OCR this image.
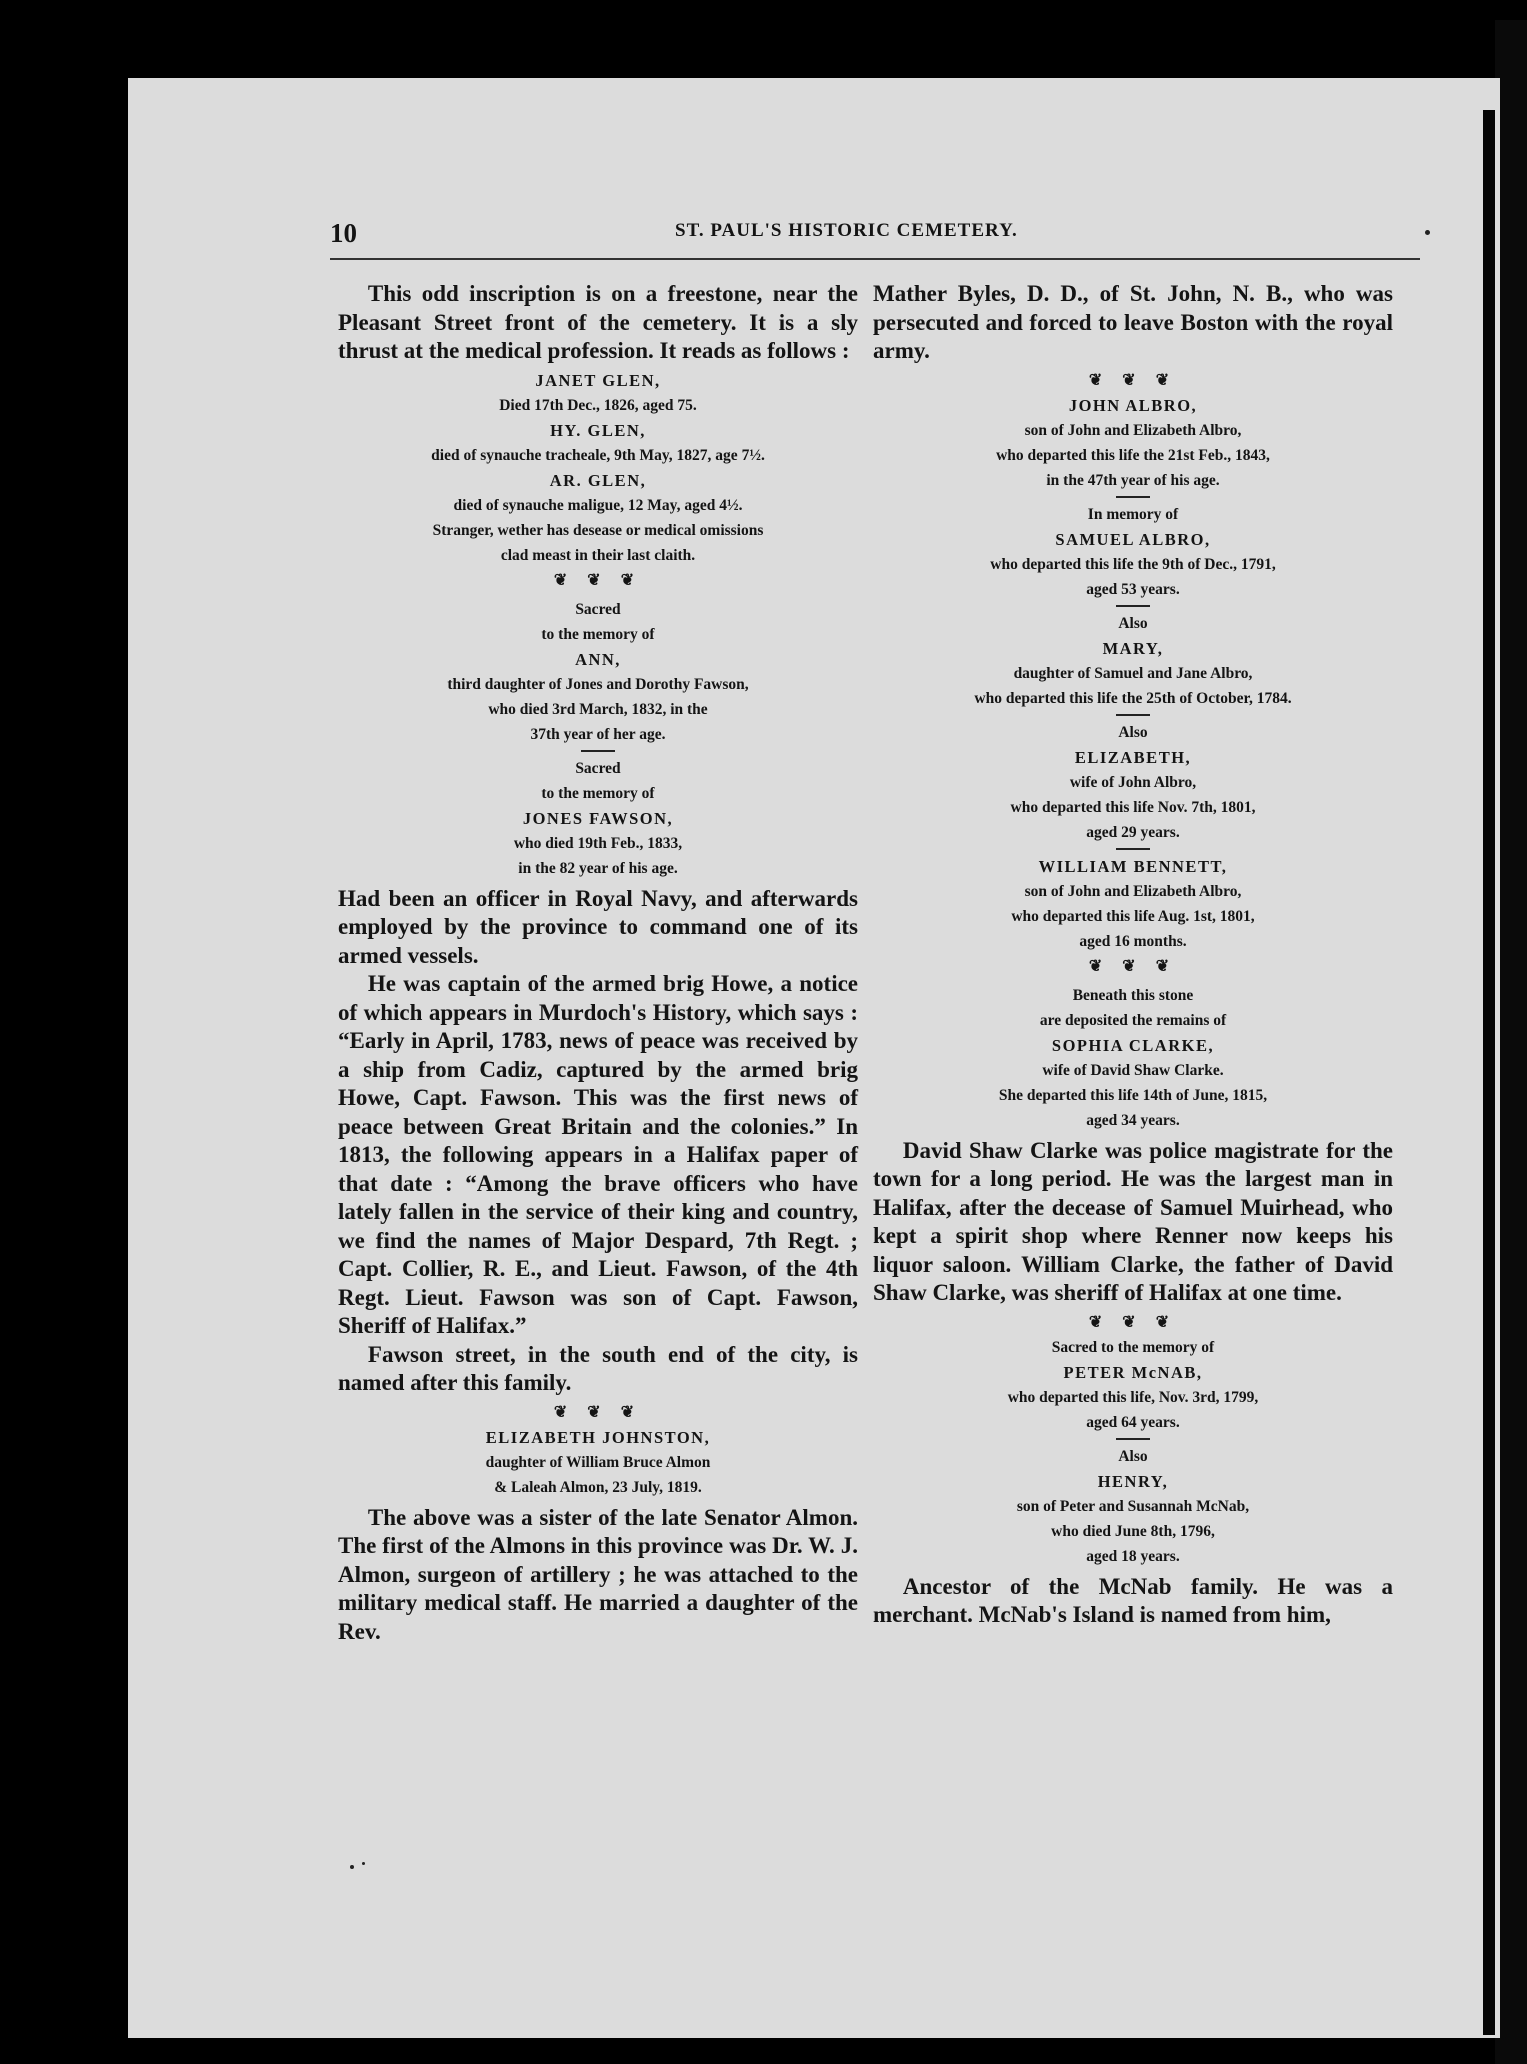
10	ST. PAUL'S HISTORIC CEMETERY.

This odd inscription is on a freestone, near the Pleasant Street front of the cemetery. It is a sly thrust at the medical profession. It reads as follows :

JANET GLEN,
Died 17th Dec., 1826, aged 75.
HY. GLEN,
died of synauche tracheale, 9th May, 1827, age 7½.
AR. GLEN,
died of synauche maligue, 12 May, aged 4½.
Stranger, wether has desease or medical omissions
clad meast in their last claith.
❦ ❦ ❦
Sacred
to the memory of
ANN,
third daughter of Jones and Dorothy Fawson,
who died 3rd March, 1832, in the
37th year of her age.
Sacred
to the memory of
JONES FAWSON,
who died 19th Feb., 1833,
in the 82 year of his age.

Had been an officer in Royal Navy, and afterwards employed by the province to command one of its armed vessels.

He was captain of the armed brig Howe, a notice of which appears in Murdoch's History, which says : “Early in April, 1783, news of peace was received by a ship from Cadiz, captured by the armed brig Howe, Capt. Fawson. This was the first news of peace between Great Britain and the colonies.” In 1813, the following appears in a Halifax paper of that date : “Among the brave officers who have lately fallen in the service of their king and country, we find the names of Major Despard, 7th Regt. ; Capt. Collier, R. E., and Lieut. Fawson, of the 4th Regt. Lieut. Fawson was son of Capt. Fawson, Sheriff of Halifax.”

Fawson street, in the south end of the city, is named after this family.

❦ ❦ ❦
ELIZABETH JOHNSTON,
daughter of William Bruce Almon
& Laleah Almon, 23 July, 1819.

The above was a sister of the late Senator Almon. The first of the Almons in this province was Dr. W. J. Almon, surgeon of artillery ; he was attached to the military medical staff. He married a daughter of the Rev.

Mather Byles, D. D., of St. John, N. B., who was persecuted and forced to leave Boston with the royal army.

❦ ❦ ❦
JOHN ALBRO,
son of John and Elizabeth Albro,
who departed this life the 21st Feb., 1843,
in the 47th year of his age.
In memory of
SAMUEL ALBRO,
who departed this life the 9th of Dec., 1791,
aged 53 years.
Also
MARY,
daughter of Samuel and Jane Albro,
who departed this life the 25th of October, 1784.
Also
ELIZABETH,
wife of John Albro,
who departed this life Nov. 7th, 1801,
aged 29 years.
WILLIAM BENNETT,
son of John and Elizabeth Albro,
who departed this life Aug. 1st, 1801,
aged 16 months.
❦ ❦ ❦
Beneath this stone
are deposited the remains of
SOPHIA CLARKE,
wife of David Shaw Clarke.
She departed this life 14th of June, 1815,
aged 34 years.

David Shaw Clarke was police magistrate for the town for a long period. He was the largest man in Halifax, after the decease of Samuel Muirhead, who kept a spirit shop where Renner now keeps his liquor saloon. William Clarke, the father of David Shaw Clarke, was sheriff of Halifax at one time.

❦ ❦ ❦
Sacred to the memory of
PETER McNAB,
who departed this life, Nov. 3rd, 1799,
aged 64 years.
Also
HENRY,
son of Peter and Susannah McNab,
who died June 8th, 1796,
aged 18 years.

Ancestor of the McNab family. He was a merchant. McNab's Island is named from him,
